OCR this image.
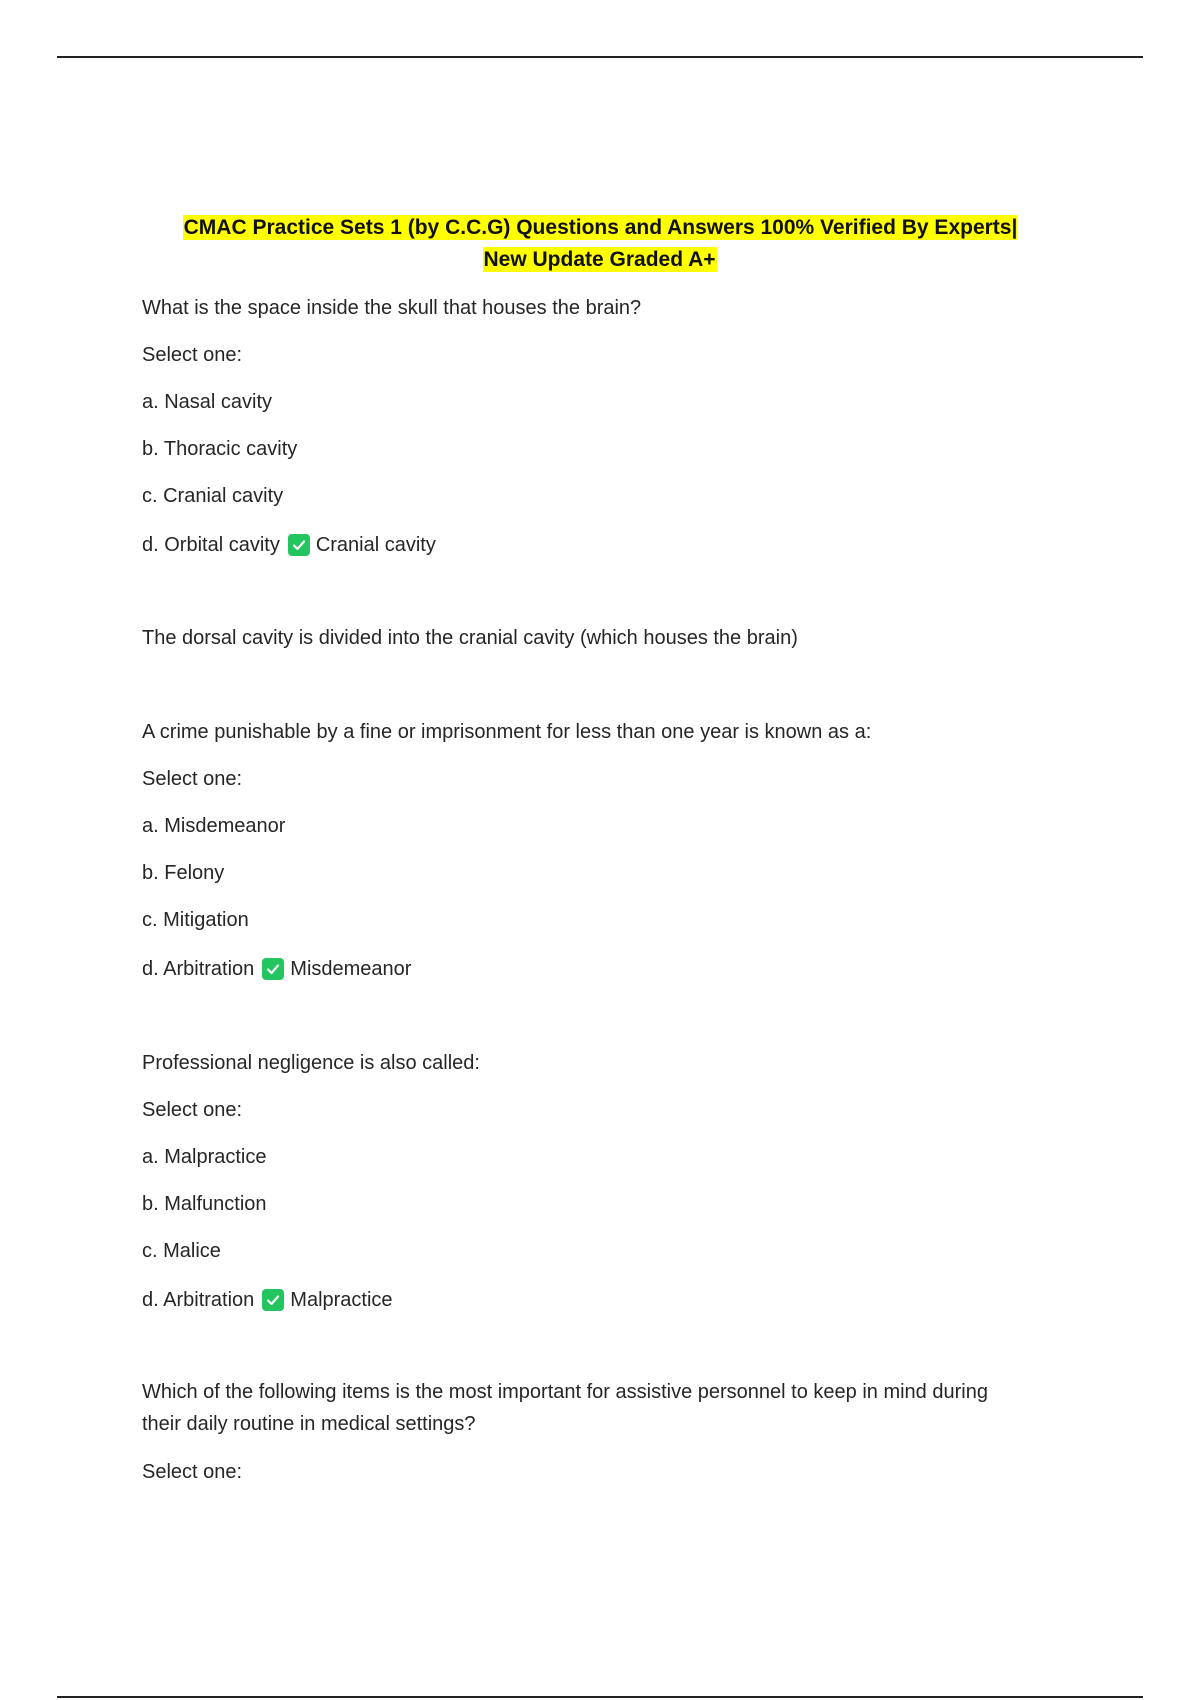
CMAC Practice Sets 1 (by C.C.G) Questions and Answers 100% Verified By Experts| New Update Graded A+
What is the space inside the skull that houses the brain?
Select one:
a. Nasal cavity
b. Thoracic cavity
c. Cranial cavity
d. Orbital cavity Cranial cavity
The dorsal cavity is divided into the cranial cavity (which houses the brain)
A crime punishable by a fine or imprisonment for less than one year is known as a:
Select one:
a. Misdemeanor
b. Felony
c. Mitigation
d. Arbitration Misdemeanor
Professional negligence is also called:
Select one:
a. Malpractice
b. Malfunction
c. Malice
d. Arbitration Malpractice
Which of the following items is the most important for assistive personnel to keep in mind during their daily routine in medical settings?
Select one:
